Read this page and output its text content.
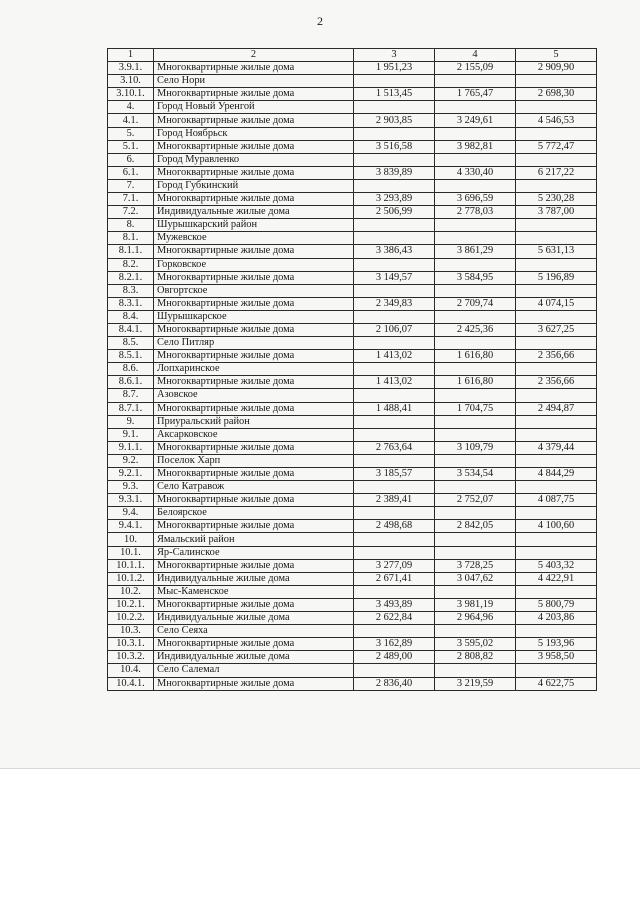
2
1	2	3	4	5
3.9.1.	Многоквартирные жилые дома	1 951,23	2 155,09	2 909,90
3.10.	Село Нори			
3.10.1.	Многоквартирные жилые дома	1 513,45	1 765,47	2 698,30
4.	Город Новый Уренгой			
4.1.	Многоквартирные жилые дома	2 903,85	3 249,61	4 546,53
5.	Город Ноябрьск			
5.1.	Многоквартирные жилые дома	3 516,58	3 982,81	5 772,47
6.	Город Муравленко			
6.1.	Многоквартирные жилые дома	3 839,89	4 330,40	6 217,22
7.	Город Губкинский			
7.1.	Многоквартирные жилые дома	3 293,89	3 696,59	5 230,28
7.2.	Индивидуальные жилые дома	2 506,99	2 778,03	3 787,00
8.	Шурышкарский район			
8.1.	Мужевское			
8.1.1.	Многоквартирные жилые дома	3 386,43	3 861,29	5 631,13
8.2.	Горковское			
8.2.1.	Многоквартирные жилые дома	3 149,57	3 584,95	5 196,89
8.3.	Овгортское			
8.3.1.	Многоквартирные жилые дома	2 349,83	2 709,74	4 074,15
8.4.	Шурышкарское			
8.4.1.	Многоквартирные жилые дома	2 106,07	2 425,36	3 627,25
8.5.	Село Питляр			
8.5.1.	Многоквартирные жилые дома	1 413,02	1 616,80	2 356,66
8.6.	Лопхаринское			
8.6.1.	Многоквартирные жилые дома	1 413,02	1 616,80	2 356,66
8.7.	Азовское			
8.7.1.	Многоквартирные жилые дома	1 488,41	1 704,75	2 494,87
9.	Приуральский район			
9.1.	Аксарковское			
9.1.1.	Многоквартирные жилые дома	2 763,64	3 109,79	4 379,44
9.2.	Поселок Харп			
9.2.1.	Многоквартирные жилые дома	3 185,57	3 534,54	4 844,29
9.3.	Село Катравож			
9.3.1.	Многоквартирные жилые дома	2 389,41	2 752,07	4 087,75
9.4.	Белоярское			
9.4.1.	Многоквартирные жилые дома	2 498,68	2 842,05	4 100,60
10.	Ямальский район			
10.1.	Яр-Салинское			
10.1.1.	Многоквартирные жилые дома	3 277,09	3 728,25	5 403,32
10.1.2.	Индивидуальные жилые дома	2 671,41	3 047,62	4 422,91
10.2.	Мыс-Каменское			
10.2.1.	Многоквартирные жилые дома	3 493,89	3 981,19	5 800,79
10.2.2.	Индивидуальные жилые дома	2 622,84	2 964,96	4 203,86
10.3.	Село Сеяха			
10.3.1.	Многоквартирные жилые дома	3 162,89	3 595,02	5 193,96
10.3.2.	Индивидуальные жилые дома	2 489,00	2 808,82	3 958,50
10.4.	Село Салемал			
10.4.1.	Многоквартирные жилые дома	2 836,40	3 219,59	4 622,75
